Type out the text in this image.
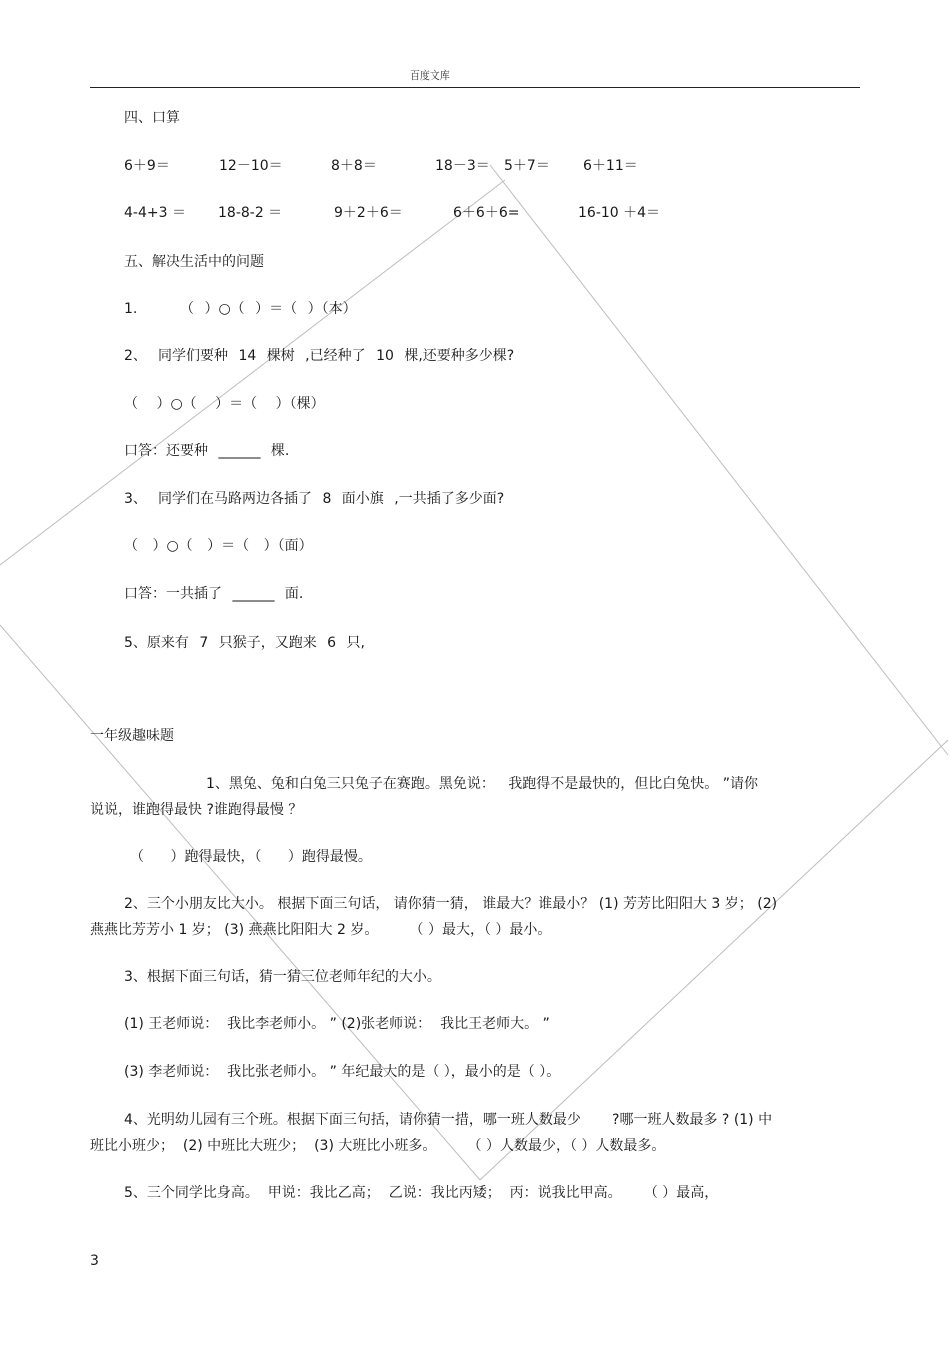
百度文库
四、口算
6＋9＝	12－10＝	8＋8＝	18－3＝ 5＋7＝ 6＋11＝
4-4+3 ＝ 18-8-2 ＝	9＋2＋6＝	6＋6＋6=	16-10 ＋4＝
五、解决生活中的问题
1.	（ ）○（ ）＝（ ）（本）
2、 同学们要种 14 棵树 ,已经种了 10 棵,还要种多少棵?
（ ）○（ ）＝（ ）（棵）
口答：还要种 ______ 棵.
3、 同学们在马路两边各插了 8 面小旗 ,一共插了多少面?
（ ）○（ ）＝（ ）（面）
口答：一共插了 ______ 面.
5、原来有 7 只猴子，又跑来 6 只,
一年级趣味题
1、黑兔、兔和白兔三只兔子在赛跑。黑免说：   我跑得不是最快的，但比白兔快。 ”请你
说说，谁跑得最快 ?谁跑得最慢 ？
（ ）跑得最快，（ ）跑得最慢。
2、三个小朋友比大小。 根据下面三句话， 请你猜一猜， 谁最大？谁最小？ (1) 芳芳比阳阳大 3 岁； (2)
燕燕比芳芳小 1 岁； (3) 燕燕比阳阳大 2 岁。       （ ）最大，（ ）最小。
3、根据下面三句话，猜一猜三位老师年纪的大小。
(1) 王老师说：  我比李老师小。 ” (2)张老师说：  我比王老师大。 ”
(3) 李老师说：  我比张老师小。 ” 年纪最大的是（ ），最小的是（ ）。
4、光明幼儿园有三个班。根据下面三句括，请你猜一措，哪一班人数最少       ?哪一班人数最多 ? (1) 中
班比小班少；  (2) 中班比大班少；  (3) 大班比小班多。       （ ）人数最少，（ ）人数最多。
5、三个同学比身高。  甲说：我比乙高；  乙说：我比丙矮；  丙：说我比甲高。     （ ）最高，
3
